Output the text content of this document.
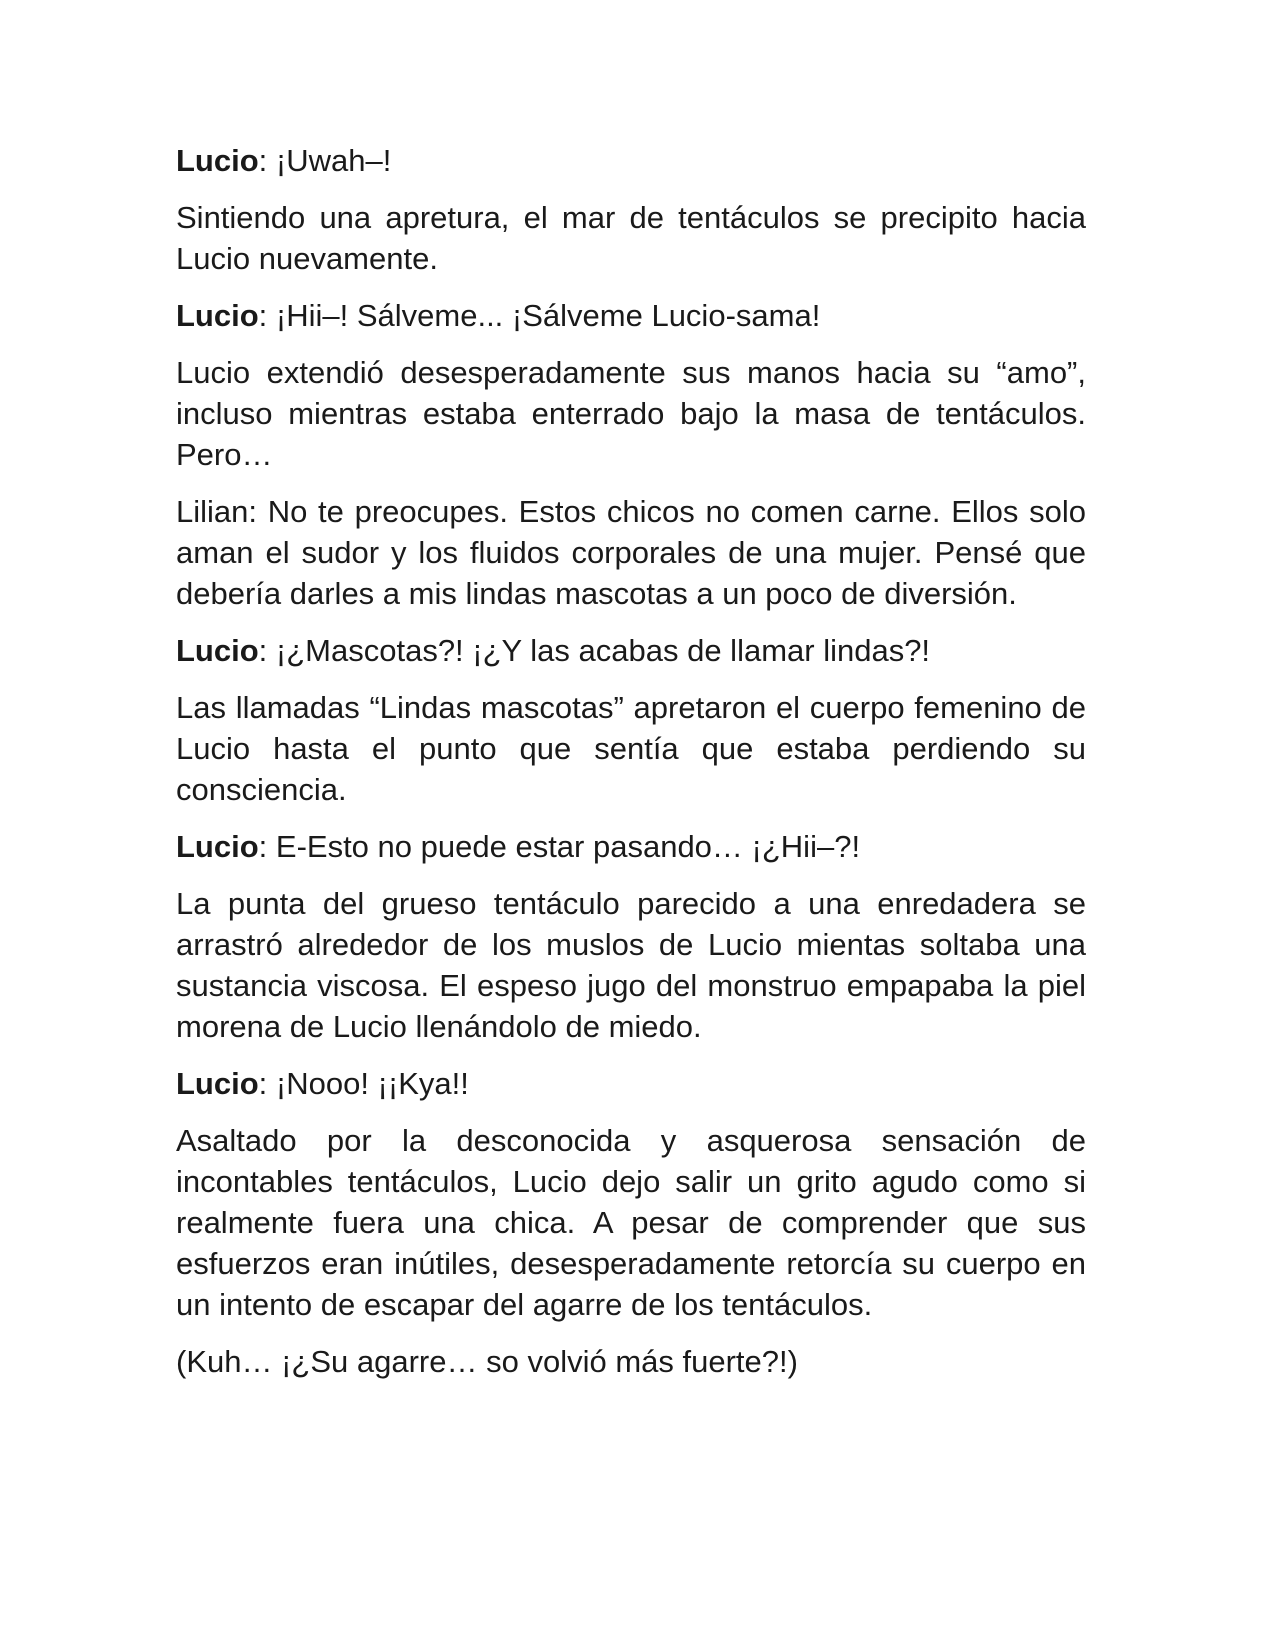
Lucio: ¡Uwah–!

Sintiendo una apretura, el mar de tentáculos se precipito hacia Lucio nuevamente.

Lucio: ¡Hii–! Sálveme... ¡Sálveme Lucio-sama!

Lucio extendió desesperadamente sus manos hacia su “amo”, incluso mientras estaba enterrado bajo la masa de tentáculos. Pero…

Lilian: No te preocupes. Estos chicos no comen carne. Ellos solo aman el sudor y los fluidos corporales de una mujer. Pensé que debería darles a mis lindas mascotas a un poco de diversión.

Lucio: ¡¿Mascotas?! ¡¿Y las acabas de llamar lindas?!

Las llamadas “Lindas mascotas” apretaron el cuerpo femenino de Lucio hasta el punto que sentía que estaba perdiendo su consciencia.

Lucio: E-Esto no puede estar pasando… ¡¿Hii–?!

La punta del grueso tentáculo parecido a una enredadera se arrastró alrededor de los muslos de Lucio mientas soltaba una sustancia viscosa. El espeso jugo del monstruo empapaba la piel morena de Lucio llenándolo de miedo.

Lucio: ¡Nooo! ¡¡Kya!!

Asaltado por la desconocida y asquerosa sensación de incontables tentáculos, Lucio dejo salir un grito agudo como si realmente fuera una chica. A pesar de comprender que sus esfuerzos eran inútiles, desesperadamente retorcía su cuerpo en un intento de escapar del agarre de los tentáculos.

(Kuh… ¡¿Su agarre… so volvió más fuerte?!)
